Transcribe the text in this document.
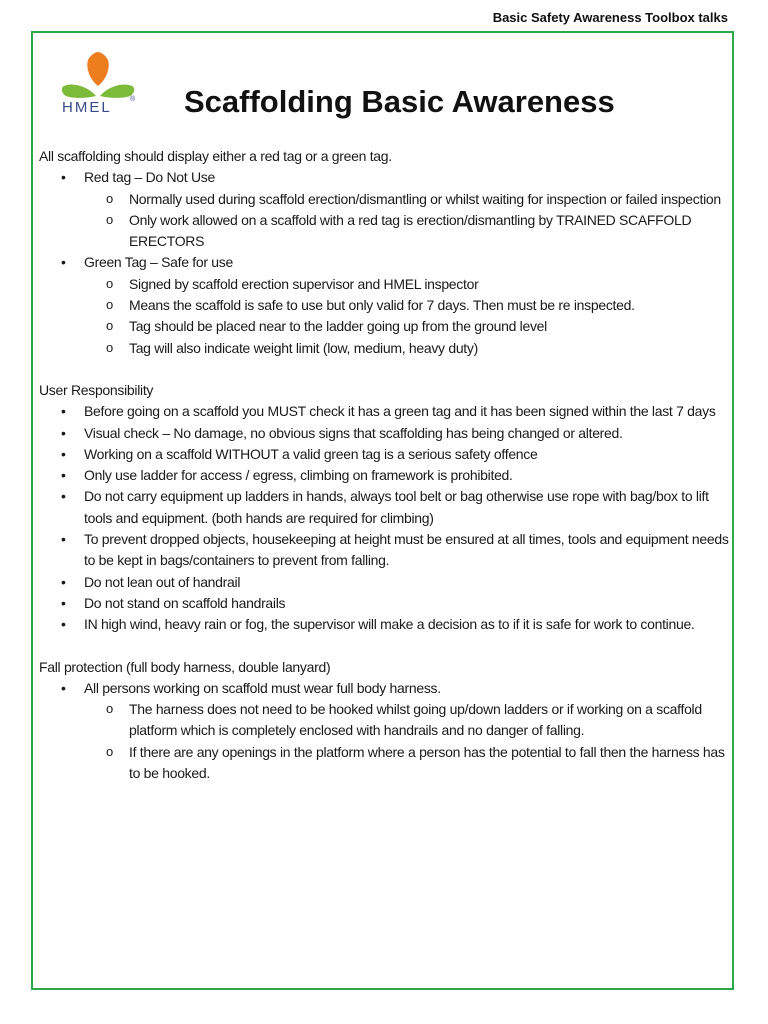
Basic Safety Awareness Toolbox talks
HMEL	® Scaffolding Basic Awareness

All scaffolding should display either a red tag or a green tag.

• Red tag – Do Not Use
o Normally used during scaffold erection/dismantling or whilst waiting for inspection or failed inspection
o Only work allowed on a scaffold with a red tag is erection/dismantling by TRAINED SCAFFOLD ERECTORS
• Green Tag – Safe for use
o Signed by scaffold erection supervisor and HMEL inspector
o Means the scaffold is safe to use but only valid for 7 days. Then must be re inspected.
o Tag should be placed near to the ladder going up from the ground level
o Tag will also indicate weight limit (low, medium, heavy duty)

User Responsibility

• Before going on a scaffold you MUST check it has a green tag and it has been signed within the last 7 days
• Visual check – No damage, no obvious signs that scaffolding has being changed or altered.
• Working on a scaffold WITHOUT a valid green tag is a serious safety offence
• Only use ladder for access / egress, climbing on framework is prohibited.
• Do not carry equipment up ladders in hands, always tool belt or bag otherwise use rope with bag/box to lift tools and equipment. (both hands are required for climbing)
• To prevent dropped objects, housekeeping at height must be ensured at all times, tools and equipment needs to be kept in bags/containers to prevent from falling.
• Do not lean out of handrail
• Do not stand on scaffold handrails
• IN high wind, heavy rain or fog, the supervisor will make a decision as to if it is safe for work to continue.

Fall protection (full body harness, double lanyard)

• All persons working on scaffold must wear full body harness.
o The harness does not need to be hooked whilst going up/down ladders or if working on a scaffold platform which is completely enclosed with handrails and no danger of falling.
o If there are any openings in the platform where a person has the potential to fall then the harness has to be hooked.
